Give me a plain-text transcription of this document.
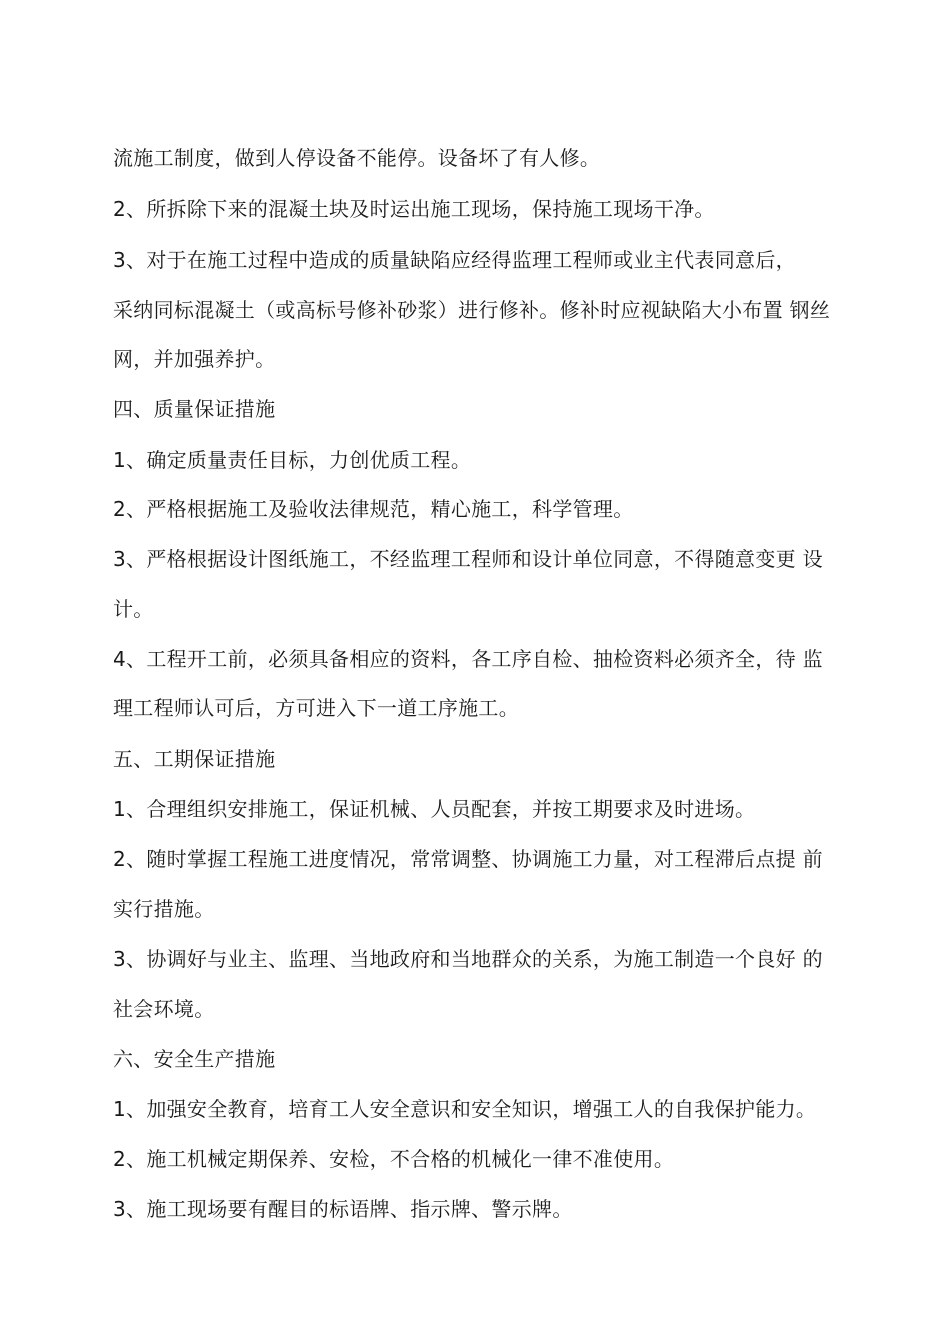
流施工制度，做到人停设备不能停。设备坏了有人修。
2、所拆除下来的混凝土块及时运出施工现场，保持施工现场干净。
3、对于在施工过程中造成的质量缺陷应经得监理工程师或业主代表同意后，
采纳同标混凝土（或高标号修补砂浆）进行修补。修补时应视缺陷大小布置 钢丝
网，并加强养护。
四、质量保证措施
1、确定质量责任目标，力创优质工程。
2、严格根据施工及验收法律规范，精心施工，科学管理。
3、严格根据设计图纸施工，不经监理工程师和设计单位同意，不得随意变更 设
计。
4、工程开工前，必须具备相应的资料，各工序自检、抽检资料必须齐全，待 监
理工程师认可后，方可进入下一道工序施工。
五、工期保证措施
1、合理组织安排施工，保证机械、人员配套，并按工期要求及时进场。
2、随时掌握工程施工进度情况，常常调整、协调施工力量，对工程滞后点提 前
实行措施。
3、协调好与业主、监理、当地政府和当地群众的关系，为施工制造一个良好 的
社会环境。
六、安全生产措施
1、加强安全教育，培育工人安全意识和安全知识，增强工人的自我保护能力。
2、施工机械定期保养、安检，不合格的机械化一律不准使用。
3、施工现场要有醒目的标语牌、指示牌、警示牌。
